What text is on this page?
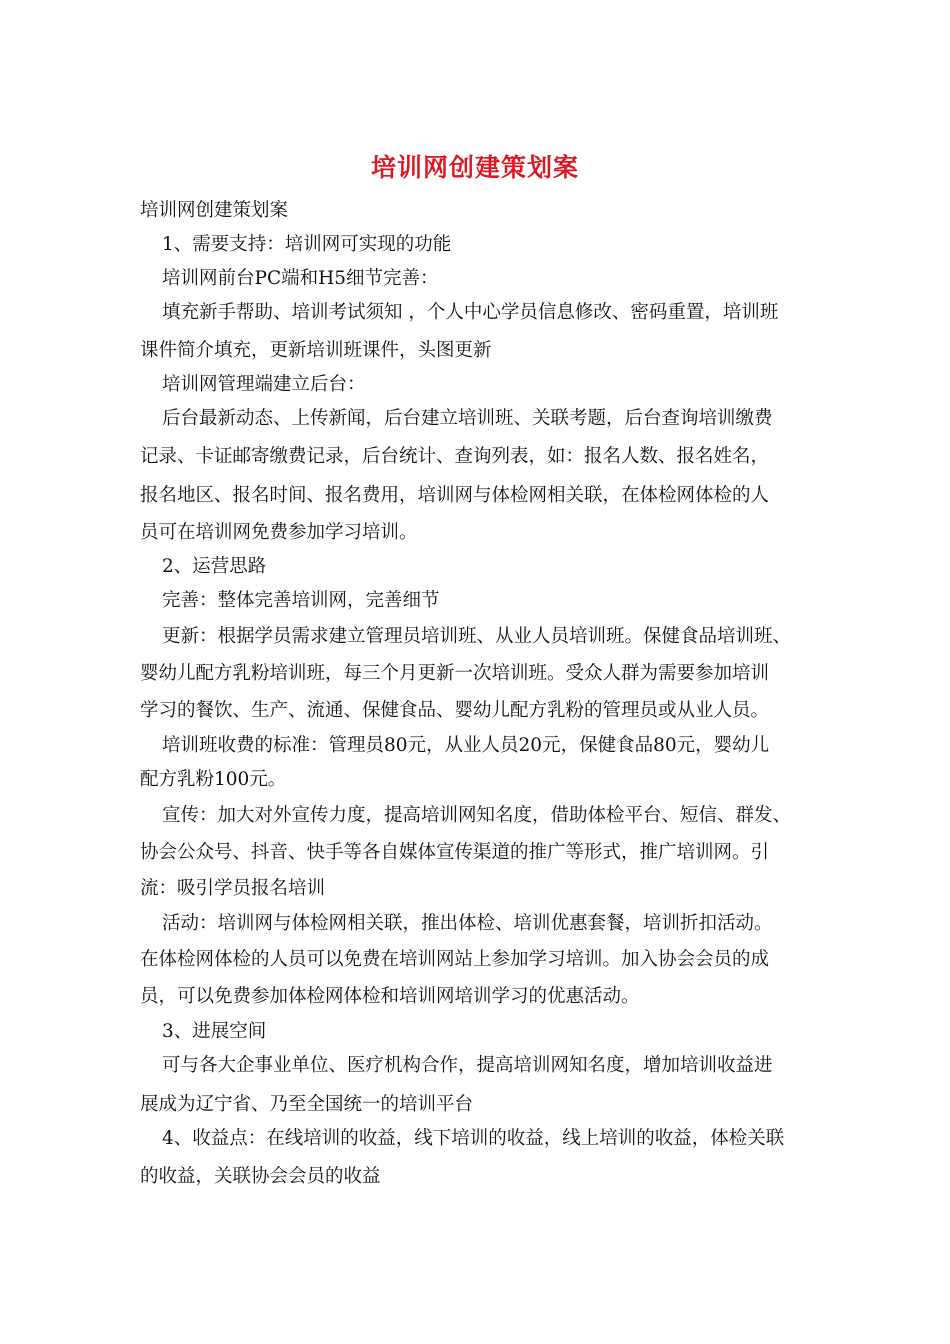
培训网创建策划案
培训网创建策划案
1、需要支持：培训网可实现的功能
培训网前台PC端和H5细节完善：
填充新手帮助、培训考试须知 ，个人中心学员信息修改、密码重置，培训班
课件简介填充，更新培训班课件，头图更新
培训网管理端建立后台：
后台最新动态、上传新闻，后台建立培训班、关联考题，后台查询培训缴费
记录、卡证邮寄缴费记录，后台统计、查询列表，如：报名人数、报名姓名，
报名地区、报名时间、报名费用，培训网与体检网相关联，在体检网体检的人
员可在培训网免费参加学习培训。
2、运营思路
完善：整体完善培训网，完善细节
更新：根据学员需求建立管理员培训班、从业人员培训班。保健食品培训班、
婴幼儿配方乳粉培训班，每三个月更新一次培训班。受众人群为需要参加培训
学习的餐饮、生产、流通、保健食品、婴幼儿配方乳粉的管理员或从业人员。
培训班收费的标准：管理员80元，从业人员20元，保健食品80元，婴幼儿
配方乳粉100元。
宣传：加大对外宣传力度，提高培训网知名度，借助体检平台、短信、群发、
协会公众号、抖音、快手等各自媒体宣传渠道的推广等形式，推广培训网。引
流：吸引学员报名培训
活动：培训网与体检网相关联，推出体检、培训优惠套餐，培训折扣活动。
在体检网体检的人员可以免费在培训网站上参加学习培训。加入协会会员的成
员，可以免费参加体检网体检和培训网培训学习的优惠活动。
3、进展空间
可与各大企事业单位、医疗机构合作，提高培训网知名度，增加培训收益进
展成为辽宁省、乃至全国统一的培训平台
4、收益点：在线培训的收益，线下培训的收益，线上培训的收益，体检关联
的收益，关联协会会员的收益
